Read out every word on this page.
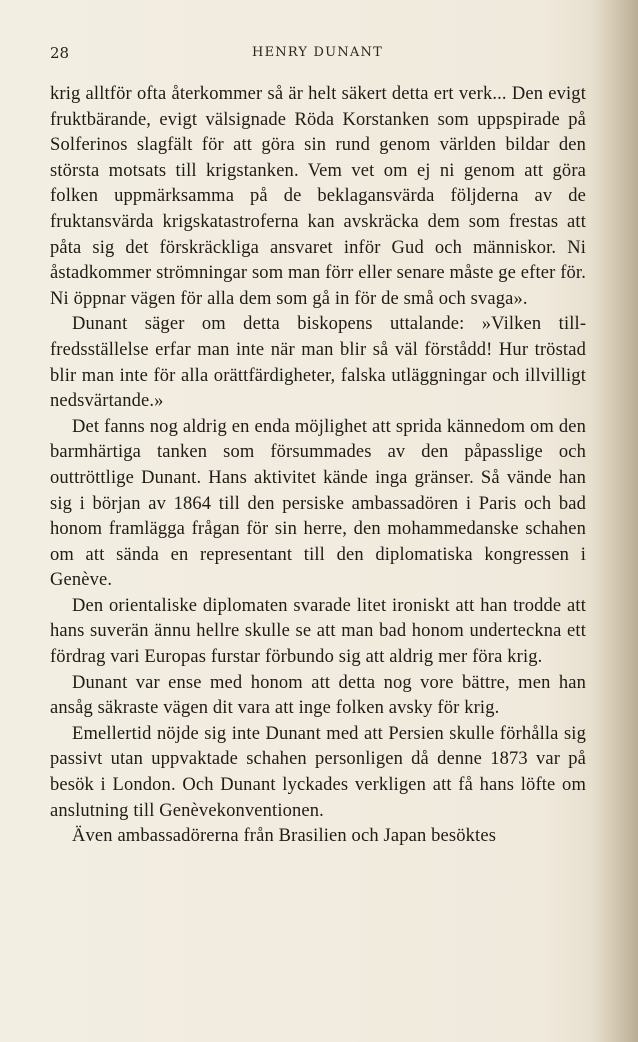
28	HENRY DUNANT

krig alltför ofta återkommer så är helt säkert detta ert verk... Den evigt fruktbärande, evigt välsignade Röda Korstanken som uppspirade på Solferinos slagfält för att göra sin rund genom världen bildar den största motsats till krigstanken. Vem vet om ej ni genom att göra folken uppmärksamma på de beklagansvärda följderna av de fruktansvärda krigskatastroferna kan avskräcka dem som frestas att påta sig det förskräckliga ansvaret inför Gud och människor. Ni åstadkommer strömningar som man förr eller senare måste ge efter för. Ni öppnar vägen för alla dem som gå in för de små och svaga».

Dunant säger om detta biskopens uttalande: »Vilken tillfredsställelse erfar man inte när man blir så väl förstådd! Hur tröstad blir man inte för alla orättfärdigheter, falska utläggningar och illvilligt nedsvärtande.»

Det fanns nog aldrig en enda möjlighet att sprida kännedom om den barmhärtiga tanken som försummades av den påpasslige och outtröttlige Dunant. Hans aktivitet kände inga gränser. Så vände han sig i början av 1864 till den persiske ambassadören i Paris och bad honom framlägga frågan för sin herre, den mohammedanske schahen om att sända en representant till den diplomatiska kongressen i Genève.

Den orientaliske diplomaten svarade litet ironiskt att han trodde att hans suverän ännu hellre skulle se att man bad honom underteckna ett fördrag vari Europas furstar förbundo sig att aldrig mer föra krig.

Dunant var ense med honom att detta nog vore bättre, men han ansåg säkraste vägen dit vara att inge folken avsky för krig.

Emellertid nöjde sig inte Dunant med att Persien skulle förhålla sig passivt utan uppvaktade schahen personligen då denne 1873 var på besök i London. Och Dunant lyckades verkligen att få hans löfte om anslutning till Genèvekonventionen.

Även ambassadörerna från Brasilien och Japan besöktes
